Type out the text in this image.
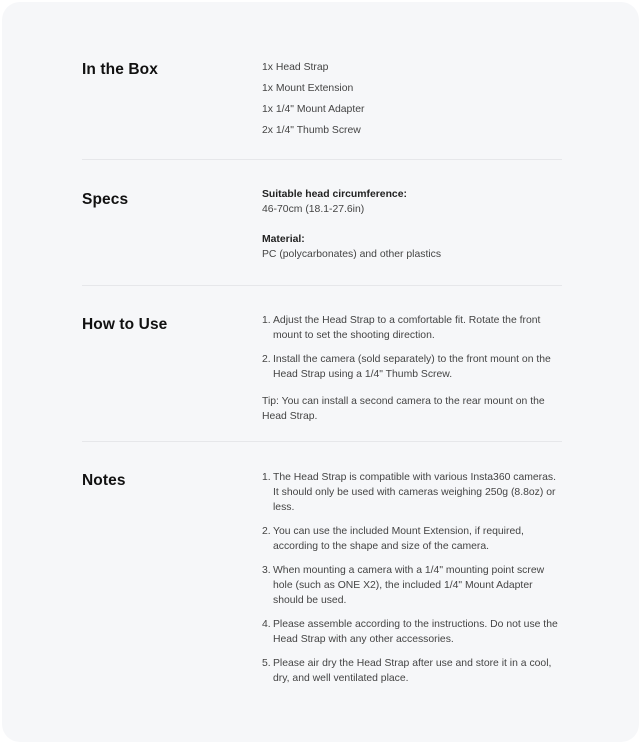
In the Box	1x Head Strap
1x Mount Extension
1x 1/4" Mount Adapter
2x 1/4" Thumb Screw
Specs	Suitable head circumference:
46-70cm (18.1-27.6in)
Material:
PC (polycarbonates) and other plastics
How to Use	1. Adjust the Head Strap to a comfortable fit. Rotate the front mount to set the shooting direction.
2. Install the camera (sold separately) to the front mount on the Head Strap using a 1/4" Thumb Screw.
Tip: You can install a second camera to the rear mount on the Head Strap.
Notes	1. The Head Strap is compatible with various Insta360 cameras. It should only be used with cameras weighing 250g (8.8oz) or less.
2. You can use the included Mount Extension, if required, according to the shape and size of the camera.
3. When mounting a camera with a 1/4" mounting point screw hole (such as ONE X2), the included 1/4" Mount Adapter should be used.
4. Please assemble according to the instructions. Do not use the Head Strap with any other accessories.
5. Please air dry the Head Strap after use and store it in a cool, dry, and well ventilated place.
